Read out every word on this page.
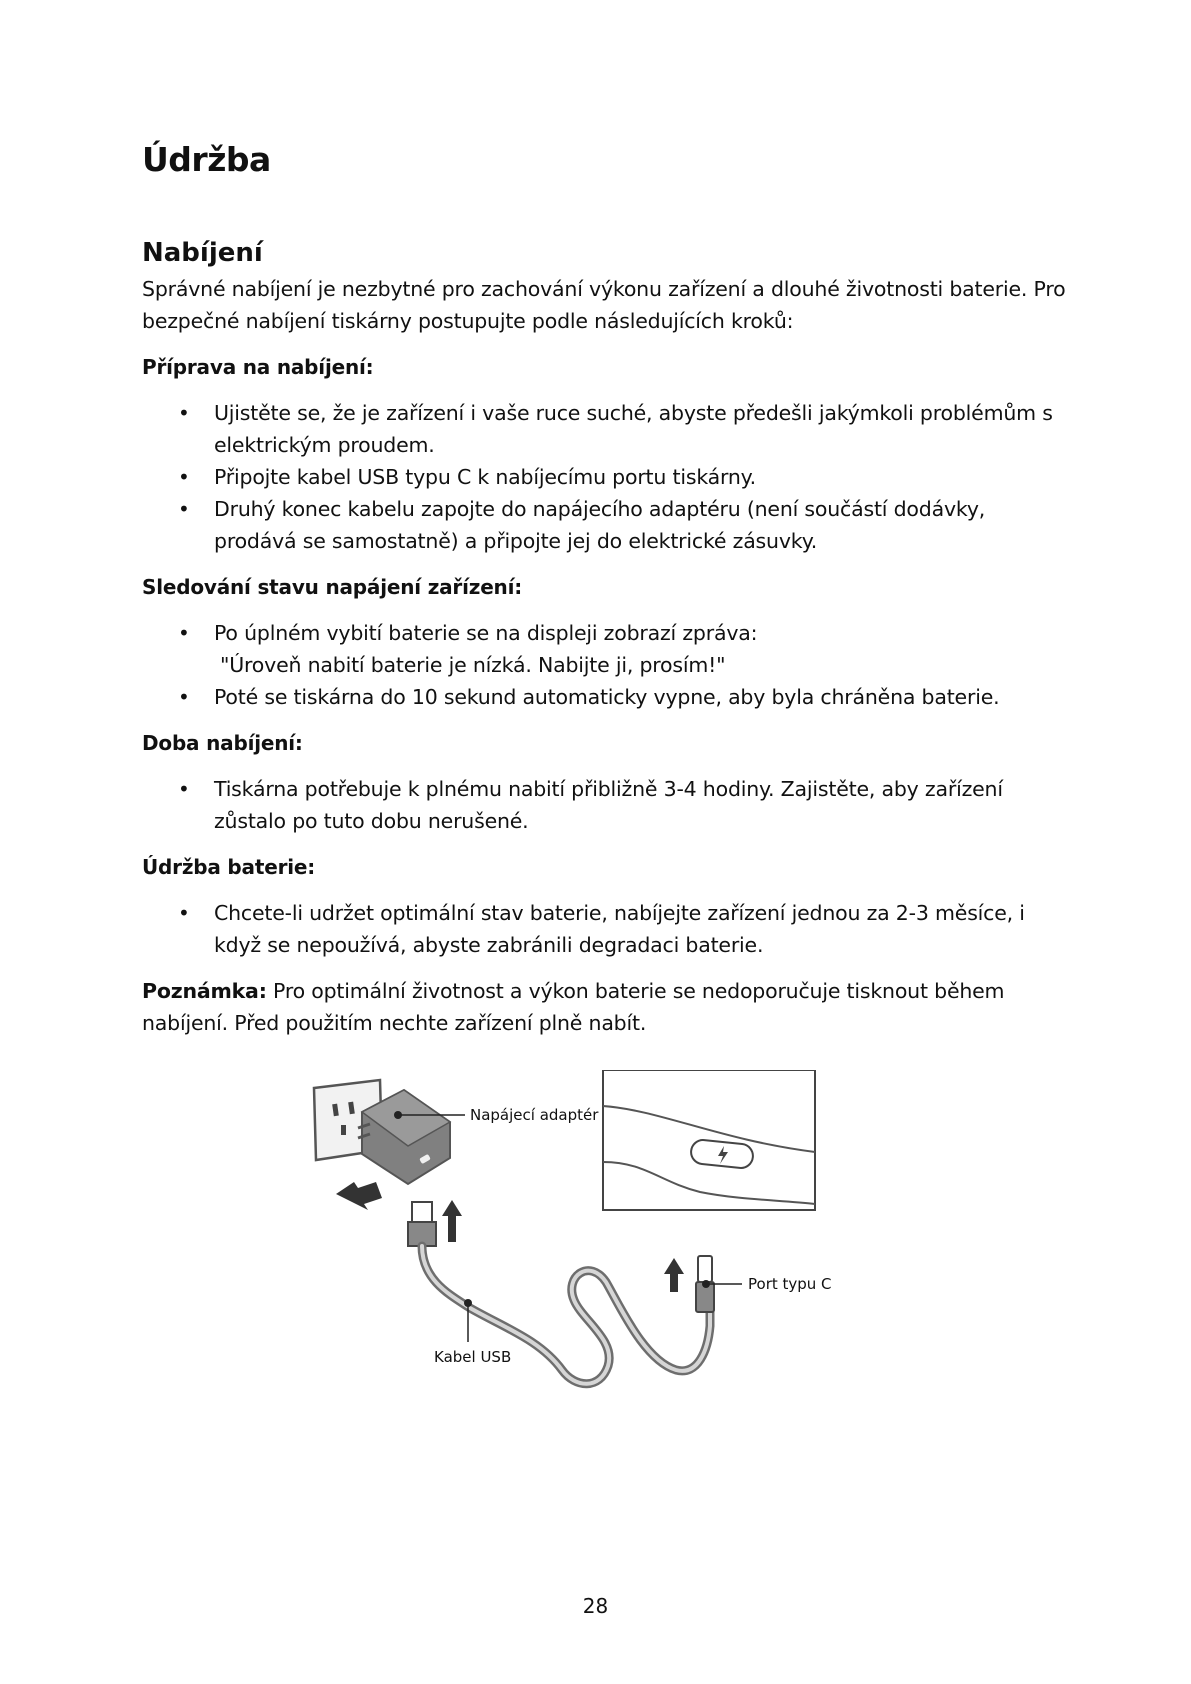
Údržba
Nabíjení

Správné nabíjení je nezbytné pro zachování výkonu zařízení a dlouhé životnosti baterie. Pro bezpečné nabíjení tiskárny postupujte podle následujících kroků:

Příprava na nabíjení:

• Ujistěte se, že je zařízení i vaše ruce suché, abyste předešli jakýmkoli problémům s elektrickým proudem.
• Připojte kabel USB typu C k nabíjecímu portu tiskárny.
• Druhý konec kabelu zapojte do napájecího adaptéru (není součástí dodávky, prodává se samostatně) a připojte jej do elektrické zásuvky.

Sledování stavu napájení zařízení:

• Po úplném vybití baterie se na displeji zobrazí zpráva:
"Úroveň nabití baterie je nízká. Nabijte ji, prosím!"
• Poté se tiskárna do 10 sekund automaticky vypne, aby byla chráněna baterie.

Doba nabíjení:

• Tiskárna potřebuje k plnému nabití přibližně 3-4 hodiny. Zajistěte, aby zařízení zůstalo po tuto dobu nerušené.

Údržba baterie:

• Chcete-li udržet optimální stav baterie, nabíjejte zařízení jednou za 2-3 měsíce, i když se nepoužívá, abyste zabránili degradaci baterie.

Poznámka: Pro optimální životnost a výkon baterie se nedoporučuje tisknout během nabíjení. Před použitím nechte zařízení plně nabít.

Napájecí adaptér
Kabel USB
Port typu C
28
